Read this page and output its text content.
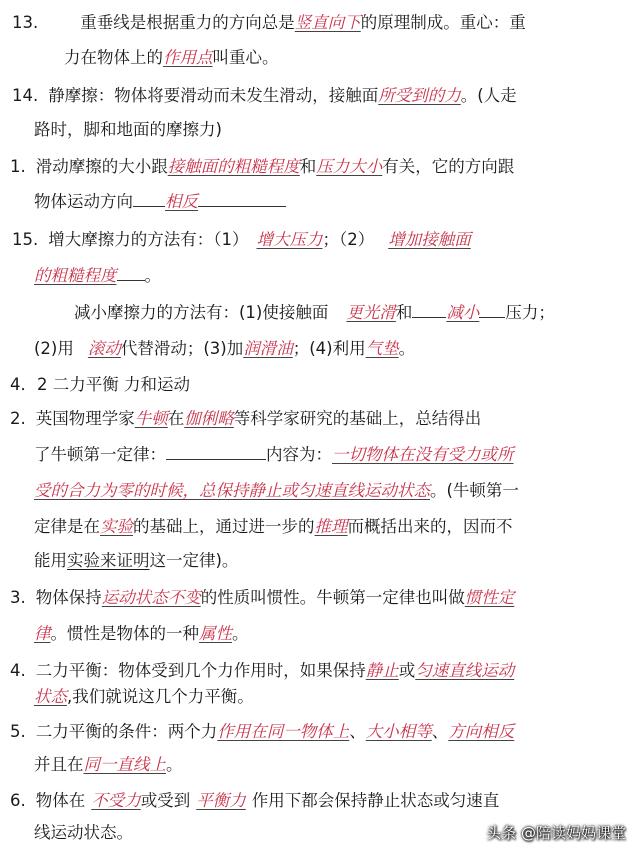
13.	重垂线是根据重力的方向总是竖直向下的原理制成。重心：重
力在物体上的作用点叫重心。
14. 静摩擦：物体将要滑动而未发生滑动，接触面所受到的力。(人走
路时，脚和地面的摩擦力)
1. 滑动摩擦的大小跟接触面的粗糙程度和压力大小有关，它的方向跟
物体运动方向 相反
15. 增大摩擦力的方法有：（1） 增大压力；（2） 增加接触面
的粗糙程度 。
减小摩擦力的方法有：(1)使接触面 更光滑和 减小 压力；
(2)用 滚动代替滑动；(3)加润滑油；(4)利用气垫。
4．2 二力平衡 力和运动
2. 英国物理学家牛顿在伽俐略等科学家研究的基础上，总结得出
了牛顿第一定律：	内容为：一切物体在没有受力或所
受的合力为零的时候，总保持静止或匀速直线运动状态。(牛顿第一
定律是在实验的基础上，通过进一步的推理而概括出来的，因而不
能用实验来证明这一定律)。
3. 物体保持运动状态不变的性质叫惯性。牛顿第一定律也叫做惯性定
律。惯性是物体的一种属性。
4. 二力平衡：物体受到几个力作用时，如果保持静止或匀速直线运动
状态,我们就说这几个力平衡。
5. 二力平衡的条件：两个力作用在同一物体上、大小相等、方向相反
并且在同一直线上。
6. 物体在 不受力或受到 平衡力 作用下都会保持静止状态或匀速直
线运动状态。	头条 @陪读妈妈课堂
